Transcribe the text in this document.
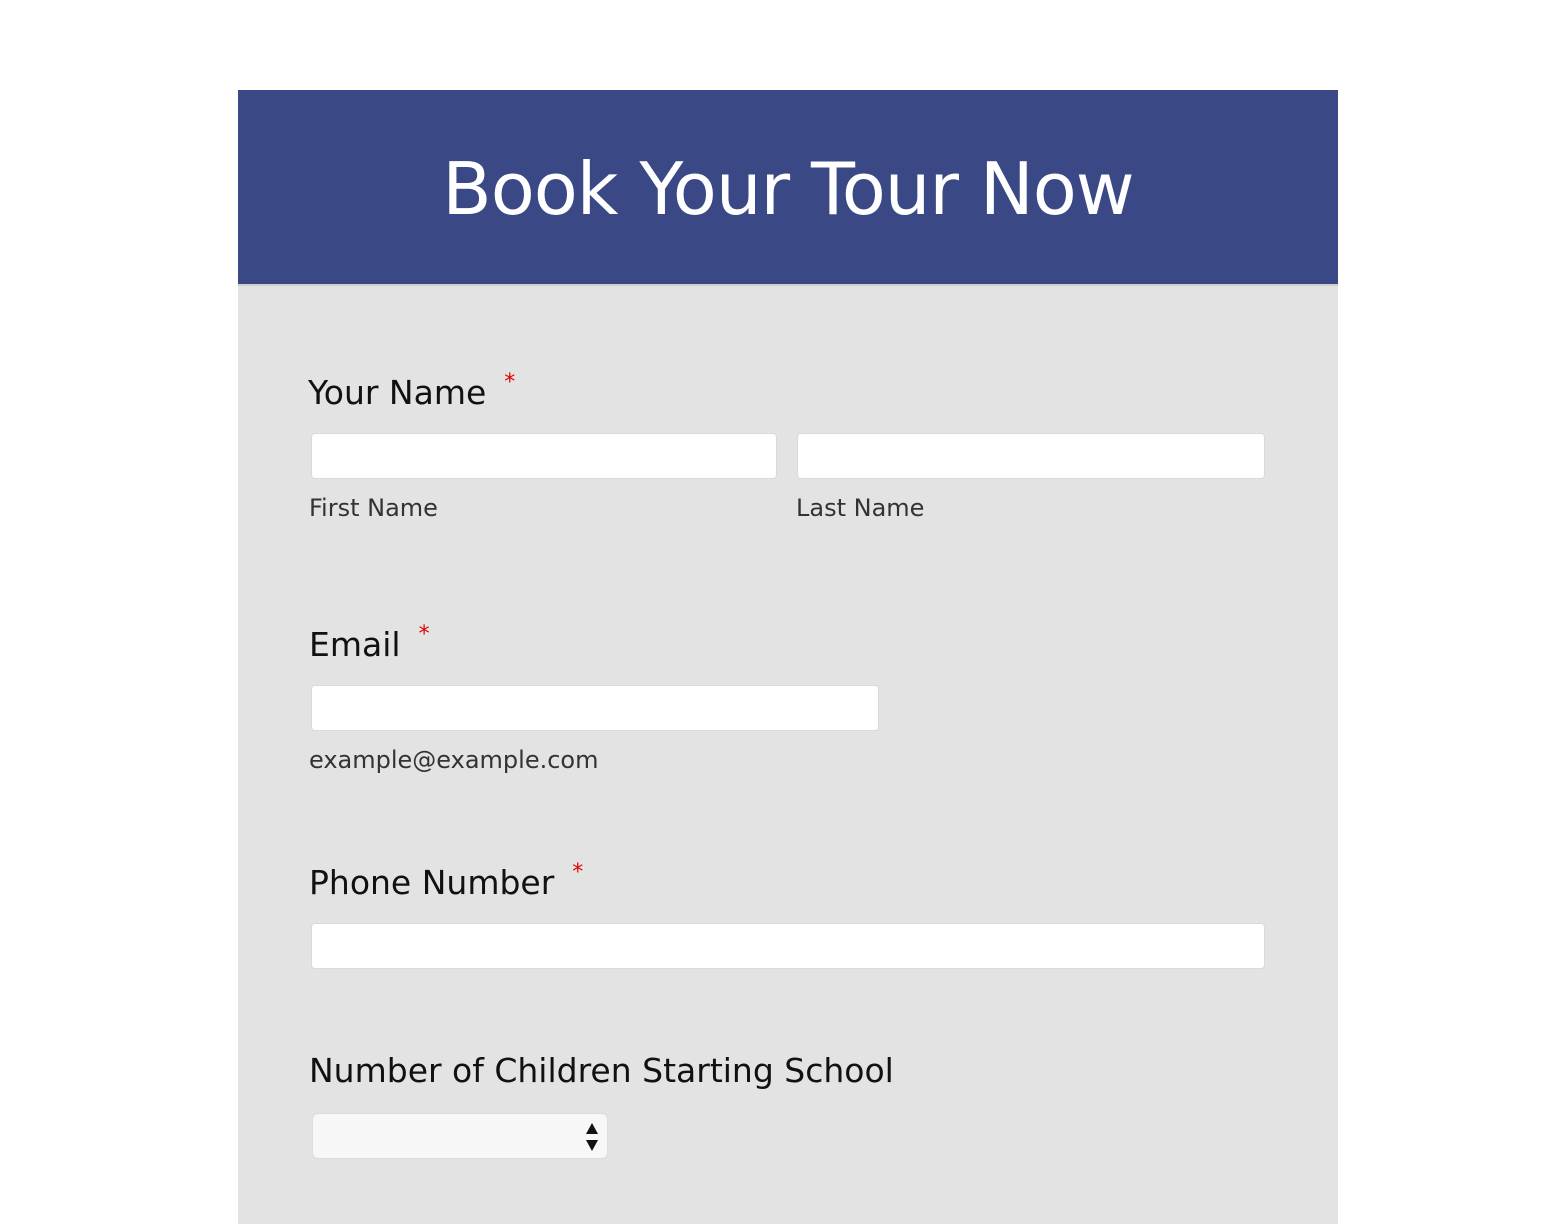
Book Your Tour Now
Your Name *
First Name	Last Name
Email *
example@example.com
Phone Number *
Number of Children Starting School
